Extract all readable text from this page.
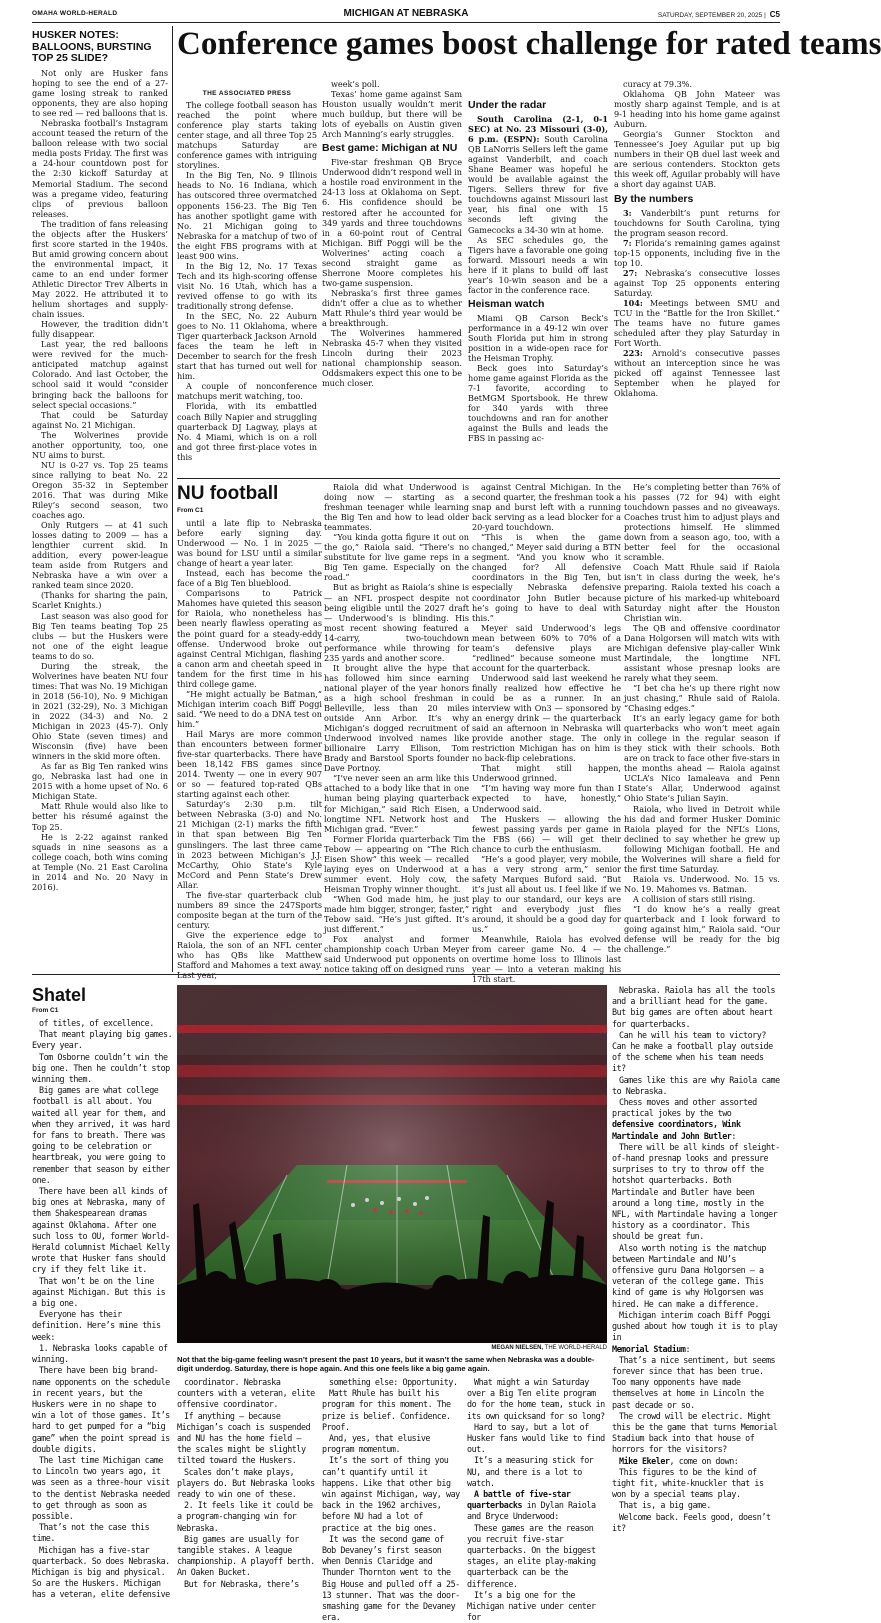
OMAHA WORLD-HERALD	MICHIGAN AT NEBRASKA	SATURDAY, SEPTEMBER 20, 2025 | C5
HUSKER NOTES: BALLOONS, BURSTING TOP 25 SLIDE?

Not only are Husker fans hoping to see the end of a 27-game losing streak to ranked opponents, they are also hoping to see red — red balloons that is.

Nebraska football’s Instagram account teased the return of the balloon release with two social media posts Friday. The first was a 24-hour countdown post for the 2:30 kickoff Saturday at Memorial Stadium. The second was a pregame video, featuring clips of previous balloon releases.

The tradition of fans releasing the objects after the Huskers’ first score started in the 1940s. But amid growing concern about the environmental impact, it came to an end under former Athletic Director Trev Alberts in May 2022. He attributed it to helium shortages and supply-chain issues.

However, the tradition didn’t fully disappear.

Last year, the red balloons were revived for the much-anticipated matchup against Colorado. And last October, the school said it would “consider bringing back the balloons for select special occasions.”

That could be Saturday against No. 21 Michigan.

The Wolverines provide another opportunity, too, one NU aims to burst.

NU is 0-27 vs. Top 25 teams since rallying to beat No. 22 Oregon 35-32 in September 2016. That was during Mike Riley’s second season, two coaches ago.

Only Rutgers — at 41 such losses dating to 2009 — has a lengthier current skid. In addition, every power-league team aside from Rutgers and Nebraska have a win over a ranked team since 2020.

(Thanks for sharing the pain, Scarlet Knights.)

Last season was also good for Big Ten teams beating Top 25 clubs — but the Huskers were not one of the eight league teams to do so.

During the streak, the Wolverines have beaten NU four times: That was No. 19 Michigan in 2018 (56-10), No. 9 Michigan in 2021 (32-29), No. 3 Michigan in 2022 (34-3) and No. 2 Michigan in 2023 (45-7). Only Ohio State (seven times) and Wisconsin (five) have been winners in the skid more often.

As far as Big Ten ranked wins go, Nebraska last had one in 2015 with a home upset of No. 6 Michigan State.

Matt Rhule would also like to better his résumé against the Top 25.

He is 2-22 against ranked squads in nine seasons as a college coach, both wins coming at Temple (No. 21 East Carolina in 2014 and No. 20 Navy in 2016).

Conference games boost challenge for rated teams
THE ASSOCIATED PRESS

The college football season has reached the point where conference play starts taking center stage, and all three Top 25 matchups Saturday are conference games with intriguing storylines.

In the Big Ten, No. 9 Illinois heads to No. 16 Indiana, which has outscored three overmatched opponents 156-23. The Big Ten has another spotlight game with No. 21 Michigan going to Nebraska for a matchup of two of the eight FBS programs with at least 900 wins.

In the Big 12, No. 17 Texas Tech and its high-scoring offense visit No. 16 Utah, which has a revived offense to go with its traditionally strong defense.

In the SEC, No. 22 Auburn goes to No. 11 Oklahoma, where Tiger quarterback Jackson Arnold faces the team he left in December to search for the fresh start that has turned out well for him.

A couple of nonconference matchups merit watching, too.

Florida, with its embattled coach Billy Napier and struggling quarterback DJ Lagway, plays at No. 4 Miami, which is on a roll and got three first-place votes in this

week’s poll.

Texas’ home game against Sam Houston usually wouldn’t merit much buildup, but there will be lots of eyeballs on Austin given Arch Manning’s early struggles.

Best game: Michigan at NU

Five-star freshman QB Bryce Underwood didn’t respond well in a hostile road environment in the 24-13 loss at Oklahoma on Sept. 6. His confidence should be restored after he accounted for 349 yards and three touchdowns in a 60-point rout of Central Michigan. Biff Poggi will be the Wolverines’ acting coach a second straight game as Sherrone Moore completes his two-game suspension.

Nebraska’s first three games didn’t offer a clue as to whether Matt Rhule’s third year would be a breakthrough.

The Wolverines hammered Nebraska 45-7 when they visited Lincoln during their 2023 national championship season. Oddsmakers expect this one to be much closer.

Under the radar

South Carolina (2-1, 0-1 SEC) at No. 23 Missouri (3-0), 6 p.m. (ESPN): South Carolina QB LaNorris Sellers left the game against Vanderbilt, and coach Shane Beamer was hopeful he would be available against the Tigers. Sellers threw for five touchdowns against Missouri last year, his final one with 15 seconds left giving the Gamecocks a 34-30 win at home.

As SEC schedules go, the Tigers have a favorable one going forward. Missouri needs a win here if it plans to build off last year’s 10-win season and be a factor in the conference race.

Heisman watch

Miami QB Carson Beck’s performance in a 49-12 win over South Florida put him in strong position in a wide-open race for the Heisman Trophy.

Beck goes into Saturday’s home game against Florida as the 7-1 favorite, according to BetMGM Sportsbook. He threw for 340 yards with three touchdowns and ran for another against the Bulls and leads the FBS in passing ac-

curacy at 79.3%.

Oklahoma QB John Mateer was mostly sharp against Temple, and is at 9-1 heading into his home game against Auburn.

Georgia’s Gunner Stockton and Tennessee’s Joey Aguilar put up big numbers in their QB duel last week and are serious contenders. Stockton gets this week off, Aguilar probably will have a short day against UAB.

By the numbers

3: Vanderbilt’s punt returns for touchdowns for South Carolina, tying the program season record.

7: Florida’s remaining games against top-15 opponents, including five in the top 10.

27: Nebraska’s consecutive losses against Top 25 opponents entering Saturday.

104: Meetings between SMU and TCU in the “Battle for the Iron Skillet.” The teams have no future games scheduled after they play Saturday in Fort Worth.

223: Arnold’s consecutive passes without an interception since he was picked off against Tennessee last September when he played for Oklahoma.

NU football
From C1

until a late flip to Nebraska before early signing day. Underwood — No. 1 in 2025 — was bound for LSU until a similar change of heart a year later.

Instead, each has become the face of a Big Ten blueblood.

Comparisons to Patrick Mahomes have quieted this season for Raiola, who nonetheless has been nearly flawless operating as the point guard for a steady-eddy offense. Underwood broke out against Central Michigan, flashing a canon arm and cheetah speed in tandem for the first time in his third college game.

“He might actually be Batman,” Michigan interim coach Biff Poggi said. “We need to do a DNA test on him.”

Hail Marys are more common than encounters between former five-star quarterbacks. There have been 18,142 FBS games since 2014. Twenty — one in every 907 or so — featured top-rated QBs starting against each other.

Saturday’s 2:30 p.m. tilt between Nebraska (3-0) and No. 21 Michigan (2-1) marks the fifth in that span between Big Ten gunslingers. The last three came in 2023 between Michigan’s J.J. McCarthy, Ohio State’s Kyle McCord and Penn State’s Drew Allar.

The five-star quarterback club numbers 89 since the 247Sports composite began at the turn of the century.

Give the experience edge to Raiola, the son of an NFL center who has QBs like Matthew Stafford and Mahomes a text away. Last year,

Raiola did what Underwood is doing now — starting as a freshman teenager while learning the Big Ten and how to lead older teammates.

“You kinda gotta figure it out on the go,” Raiola said. “There’s no substitute for live game reps in a Big Ten game. Especially on the road.”

But as bright as Raiola’s shine is — an NFL prospect despite not being eligible until the 2027 draft — Underwood’s is blinding. His most recent showing featured a 14-carry, two-touchdown performance while throwing for 235 yards and another score.

It brought alive the hype that has followed him since earning national player of the year honors as a high school freshman in Belleville, less than 20 miles outside Ann Arbor. It’s why Michigan’s dogged recruitment of Underwood involved names like billionaire Larry Ellison, Tom Brady and Barstool Sports founder Dave Portnoy.

“I’ve never seen an arm like this attached to a body like that in one human being playing quarterback for Michigan,” said Rich Eisen, a longtime NFL Network host and Michigan grad. “Ever.”

Former Florida quarterback Tim Tebow — appearing on “The Rich Eisen Show” this week — recalled laying eyes on Underwood at a summer event. Holy cow, the Heisman Trophy winner thought.

“When God made him, he just made him bigger, stronger, faster,” Tebow said. “He’s just gifted. It’s just different.”

Fox analyst and former championship coach Urban Meyer said Underwood put opponents on notice taking off on designed runs

against Central Michigan. In the second quarter, the freshman took a snap and burst left with a running back serving as a lead blocker for a 20-yard touchdown.

“This is when the game changed,” Meyer said during a BTN segment. “And you know who it changed for? All defensive coordinators in the Big Ten, but especially Nebraska defensive coordinator John Butler because he’s going to have to deal with this.”

Meyer said Underwood’s legs mean between 60% to 70% of a team’s defensive plays are “redlined” because someone must account for the quarterback.

Underwood said last weekend he finally realized how effective he could be as a runner. In an interview with On3 — sponsored by an energy drink — the quarterback said an afternoon in Nebraska will provide another stage. The only restriction Michigan has on him is no back-flip celebrations.

That might still happen, Underwood grinned.

“I’m having way more fun than I expected to have, honestly,” Underwood said.

The Huskers — allowing the fewest passing yards per game in the FBS (66) — will get their chance to curb the enthusiasm.

“He’s a good player, very mobile, has a very strong arm,” senior safety Marques Buford said. “But it’s just all about us. I feel like if we play to our standard, our keys are right and everybody just flies around, it should be a good day for us.”

Meanwhile, Raiola has evolved from career game No. 4 — the overtime home loss to Illinois last year — into a veteran making his 17th start.

He’s completing better than 76% of his passes (72 for 94) with eight touchdown passes and no giveaways. Coaches trust him to adjust plays and protections himself. He slimmed down from a season ago, too, with a better feel for the occasional scramble.

Coach Matt Rhule said if Raiola isn’t in class during the week, he’s preparing. Raiola texted his coach a picture of his marked-up whiteboard Saturday night after the Houston Christian win.

The QB and offensive coordinator Dana Holgorsen will match wits with Michigan defensive play-caller Wink Martindale, the longtime NFL assistant whose presnap looks are rarely what they seem.

“I bet cha he’s up there right now just chasing,” Rhule said of Raiola. “Chasing edges.”

It’s an early legacy game for both quarterbacks who won’t meet again in college in the regular season if they stick with their schools. Both are on track to face other five-stars in the months ahead — Raiola against UCLA’s Nico Iamaleava and Penn State’s Allar, Underwood against Ohio State’s Julian Sayin.

Raiola, who lived in Detroit while his dad and former Husker Dominic Raiola played for the NFL’s Lions, declined to say whether he grew up following Michigan football. He and the Wolverines will share a field for the first time Saturday.

Raiola vs. Underwood. No. 15 vs. No. 19. Mahomes vs. Batman.

A collision of stars still rising.

“I do know he’s a really great quarterback and I look forward to going against him,” Raiola said. “Our defense will be ready for the big challenge.”

Shatel
From C1

of titles, of excellence.

That meant playing big games. Every year.

Tom Osborne couldn’t win the big one. Then he couldn’t stop winning them.

Big games are what college football is all about. You waited all year for them, and when they arrived, it was hard for fans to breath. There was going to be celebration or heartbreak, you were going to remember that season by either one.

There have been all kinds of big ones at Nebraska, many of them Shakespearean dramas against Oklahoma. After one such loss to OU, former World-Herald columnist Michael Kelly wrote that Husker fans should cry if they felt like it.

That won’t be on the line against Michigan. But this is a big one.

Everyone has their definition. Here’s mine this week:

1. Nebraska looks capable of winning.

There have been big brand-name opponents on the schedule in recent years, but the Huskers were in no shape to win a lot of those games. It’s hard to get pumped for a “big game” when the point spread is double digits.

The last time Michigan came to Lincoln two years ago, it was seen as a three-hour visit to the dentist Nebraska needed to get through as soon as possible.

That’s not the case this time.

Michigan has a five-star quarterback. So does Nebraska. Michigan is big and physical. So are the Huskers. Michigan has a veteran, elite defensive

MEGAN NIELSEN, THE WORLD-HERALD
Not that the big-game feeling wasn’t present the past 10 years, but it wasn’t the same when Nebraska was a double-digit underdog. Saturday, there is hope again. And this one feels like a big game again.

coordinator. Nebraska counters with a veteran, elite offensive coordinator.

If anything — because Michigan’s coach is suspended and NU has the home field — the scales might be slightly tilted toward the Huskers.

Scales don’t make plays, players do. But Nebraska looks ready to win one of these.

2. It feels like it could be a program-changing win for Nebraska.

Big games are usually for tangible stakes. A league championship. A playoff berth. An Oaken Bucket.

But for Nebraska, there’s

something else: Opportunity.

Matt Rhule has built his program for this moment. The prize is belief. Confidence. Proof.

And, yes, that elusive program momentum.

It’s the sort of thing you can’t quantify until it happens. Like that other big win against Michigan, way, way back in the 1962 archives, before NU had a lot of practice at the big ones.

It was the second game of Bob Devaney’s first season when Dennis Claridge and Thunder Thornton went to the Big House and pulled off a 25-13 stunner. That was the door-smashing game for the Devaney era.

What might a win Saturday over a Big Ten elite program do for the home team, stuck in its own quicksand for so long?

Hard to say, but a lot of Husker fans would like to find out.

It’s a measuring stick for NU, and there is a lot to watch.

A battle of five-star quarterbacks in Dylan Raiola and Bryce Underwood:

These games are the reason you recruit five-star quarterbacks. On the biggest stages, an elite play-making quarterback can be the difference.

It’s a big one for the Michigan native under center for

Nebraska. Raiola has all the tools and a brilliant head for the game. But big games are often about heart for quarterbacks.

Can he will his team to victory? Can he make a football play outside of the scheme when his team needs it?

Games like this are why Raiola came to Nebraska.

Chess moves and other assorted practical jokes by the two

defensive coordinators, Wink Martindale and John Butler:

There will be all kinds of sleight-of-hand presnap looks and pressure surprises to try to throw off the hotshot quarterbacks. Both Martindale and Butler have been around a long time, mostly in the NFL, with Martindale having a longer history as a coordinator. This should be great fun.

Also worth noting is the matchup between Martindale and NU’s offensive guru Dana Holgorsen — a veteran of the college game. This kind of game is why Holgorsen was hired. He can make a difference.

Michigan interim coach Biff Poggi gushed about how tough it is to play in

Memorial Stadium:

That’s a nice sentiment, but seems forever since that has been true. Too many opponents have made themselves at home in Lincoln the past decade or so.

The crowd will be electric. Might this be the game that turns Memorial Stadium back into that house of horrors for the visitors?

Mike Ekeler, come on down:

This figures to be the kind of tight fit, white-knuckler that is won by a special teams play.

That is, a big game.

Welcome back. Feels good, doesn’t it?
